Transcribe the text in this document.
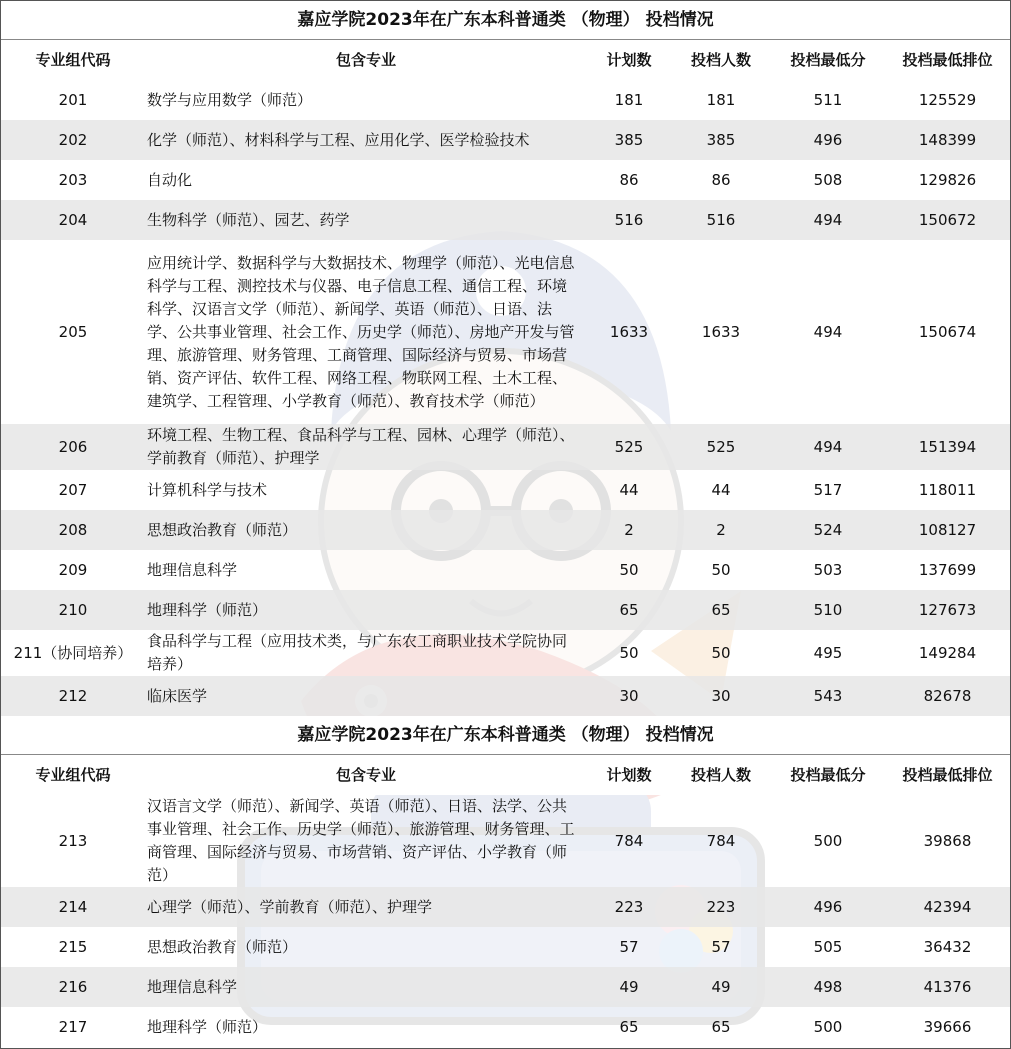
嘉应学院2023年在广东本科普通类 （物理） 投档情况					
专业组代码	包含专业	计划数	投档人数	投档最低分	投档最低排位
201	数学与应用数学（师范）	181	181	511	125529
202	化学（师范）、材料科学与工程、应用化学、医学检验技术	385	385	496	148399
203	自动化	86	86	508	129826
204	生物科学（师范）、园艺、药学	516	516	494	150672
205	应用统计学、数据科学与大数据技术、物理学（师范）、光电信息科学与工程、测控技术与仪器、电子信息工程、通信工程、环境科学、汉语言文学（师范）、新闻学、英语（师范）、日语、法学、公共事业管理、社会工作、历史学（师范）、房地产开发与管理、旅游管理、财务管理、工商管理、国际经济与贸易、市场营销、资产评估、软件工程、网络工程、物联网工程、土木工程、建筑学、工程管理、小学教育（师范）、教育技术学（师范）	1633	1633	494	150674
206	环境工程、生物工程、食品科学与工程、园林、心理学（师范）、学前教育（师范）、护理学	525	525	494	151394
207	计算机科学与技术	44	44	517	118011
208	思想政治教育（师范）	2	2	524	108127
209	地理信息科学	50	50	503	137699
210	地理科学（师范）	65	65	510	127673
211（协同培养）	食品科学与工程（应用技术类，与广东农工商职业技术学院协同培养）	50	50	495	149284
212	临床医学	30	30	543	82678
嘉应学院2023年在广东本科普通类 （物理） 投档情况					
专业组代码	包含专业	计划数	投档人数	投档最低分	投档最低排位
213	汉语言文学（师范）、新闻学、英语（师范）、日语、法学、公共事业管理、社会工作、历史学（师范）、旅游管理、财务管理、工商管理、国际经济与贸易、市场营销、资产评估、小学教育（师范）	784	784	500	39868
214	心理学（师范）、学前教育（师范）、护理学	223	223	496	42394
215	思想政治教育（师范）	57	57	505	36432
216	地理信息科学	49	49	498	41376
217	地理科学（师范）	65	65	500	39666
